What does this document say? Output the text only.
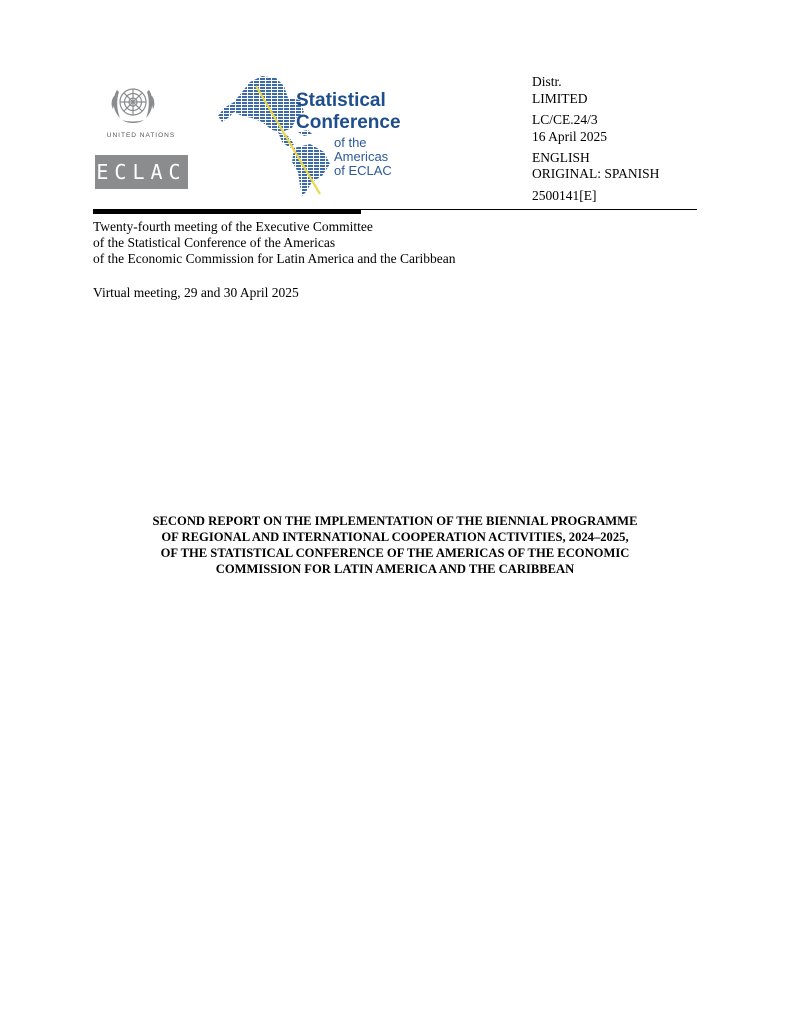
UNITED NATIONS
ECLAC
Statistical
Conference
of the
Americas
of ECLAC
Distr.
LIMITED
LC/CE.24/3
16 April 2025
ENGLISH
ORIGINAL: SPANISH
2500141[E]
Twenty-fourth meeting of the Executive Committee
of the Statistical Conference of the Americas
of the Economic Commission for Latin America and the Caribbean
Virtual meeting, 29 and 30 April 2025
SECOND REPORT ON THE IMPLEMENTATION OF THE BIENNIAL PROGRAMME
OF REGIONAL AND INTERNATIONAL COOPERATION ACTIVITIES, 2024–2025,
OF THE STATISTICAL CONFERENCE OF THE AMERICAS OF THE ECONOMIC
COMMISSION FOR LATIN AMERICA AND THE CARIBBEAN
